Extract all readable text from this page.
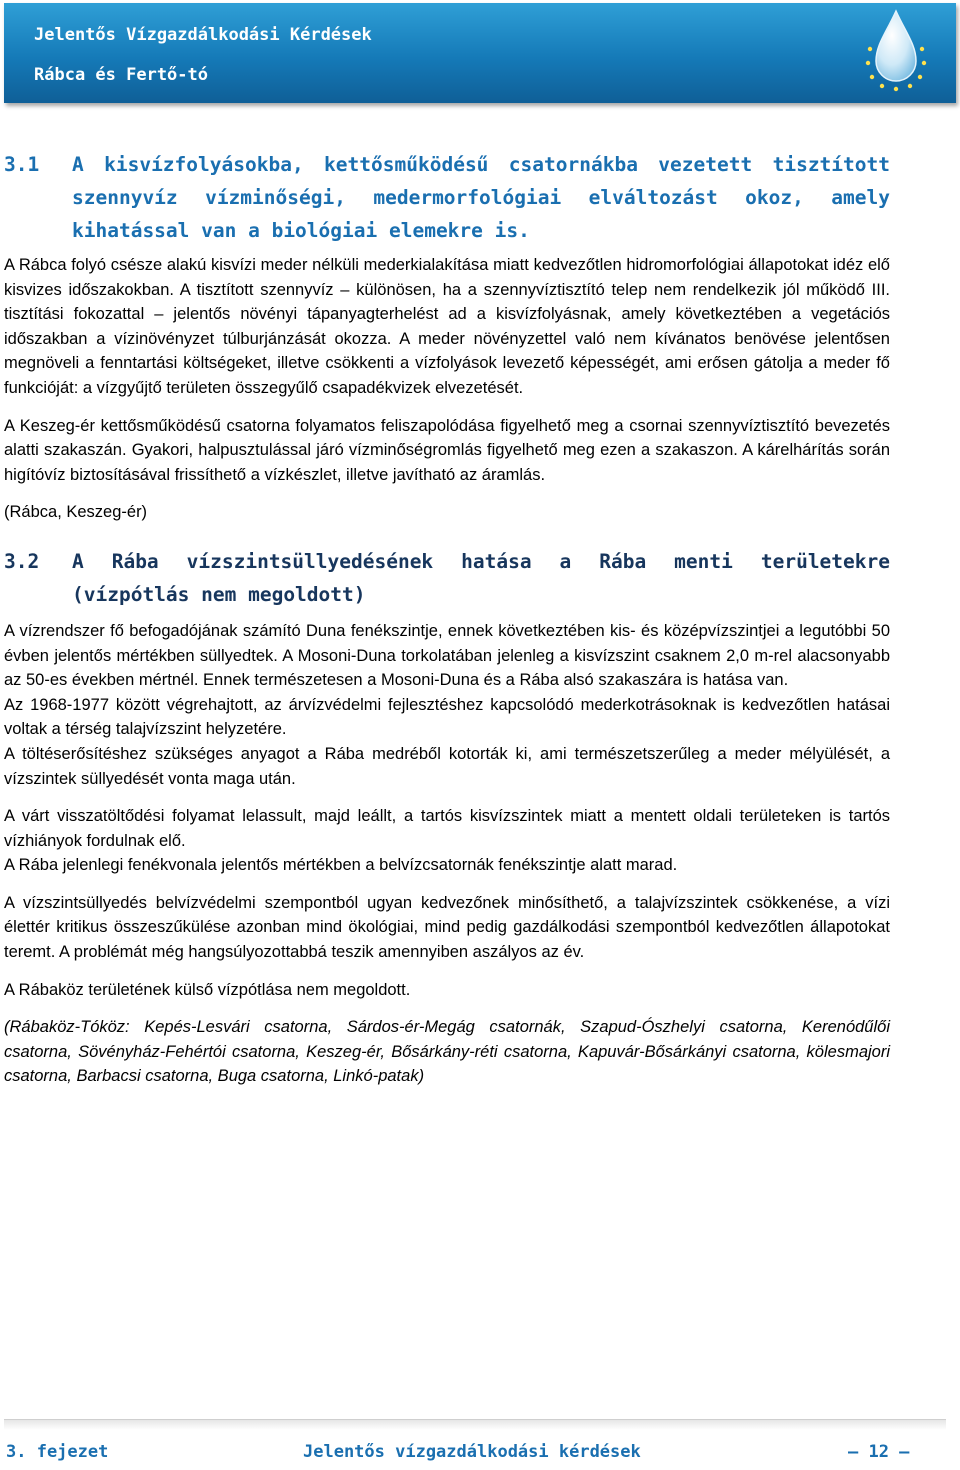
Jelentős Vízgazdálkodási Kérdések
Rábca és Fertő-tó
3.1 A kisvízfolyásokba, kettősműködésű csatornákba vezetett tisztított szennyvíz vízminőségi, medermorfológiai elváltozást okoz, amely kihatással van a biológiai elemekre is.

A Rábca folyó csésze alakú kisvízi meder nélküli mederkialakítása miatt kedvezőtlen hidromorfológiai állapotokat idéz elő kisvizes időszakokban. A tisztított szennyvíz – különösen, ha a szennyvíztisztító telep nem rendelkezik jól működő III. tisztítási fokozattal – jelentős növényi tápanyagterhelést ad a kisvízfolyásnak, amely következtében a vegetációs időszakban a vízinövényzet túlburjánzását okozza. A meder növényzettel való nem kívánatos benövése jelentősen megnöveli a fenntartási költségeket, illetve csökkenti a vízfolyások levezető képességét, ami erősen gátolja a meder fő funkcióját: a vízgyűjtő területen összegyűlő csapadékvizek elvezetését.

A Keszeg-ér kettősműködésű csatorna folyamatos feliszapolódása figyelhető meg a csornai szennyvíztisztító bevezetés alatti szakaszán. Gyakori, halpusztulással járó vízminőségromlás figyelhető meg ezen a szakaszon. A kárelhárítás során higítóvíz biztosításával frissíthető a vízkészlet, illetve javítható az áramlás.

(Rábca, Keszeg-ér)

3.2 A Rába vízszintsüllyedésének hatása a Rába menti területekre (vízpótlás nem megoldott)

A vízrendszer fő befogadójának számító Duna fenékszintje, ennek következtében kis- és középvízszintjei a legutóbbi 50 évben jelentős mértékben süllyedtek. A Mosoni-Duna torkolatában jelenleg a kisvízszint csaknem 2,0 m-rel alacsonyabb az 50-es években mértnél. Ennek természetesen a Mosoni-Duna és a Rába alsó szakaszára is hatása van.

Az 1968-1977 között végrehajtott, az árvízvédelmi fejlesztéshez kapcsolódó mederkotrásoknak is kedvezőtlen hatásai voltak a térség talajvízszint helyzetére.

A töltéserősítéshez szükséges anyagot a Rába medréből kotorták ki, ami természetszerűleg a meder mélyülését, a vízszintek süllyedését vonta maga után.

A várt visszatöltődési folyamat lelassult, majd leállt, a tartós kisvízszintek miatt a mentett oldali területeken is tartós vízhiányok fordulnak elő.

A Rába jelenlegi fenékvonala jelentős mértékben a belvízcsatornák fenékszintje alatt marad.

A vízszintsüllyedés belvízvédelmi szempontból ugyan kedvezőnek minősíthető, a talajvízszintek csökkenése, a vízi élettér kritikus összeszűkülése azonban mind ökológiai, mind pedig gazdálkodási szempontból kedvezőtlen állapotokat teremt. A problémát még hangsúlyozottabbá teszik amennyiben aszályos az év.

A Rábaköz területének külső vízpótlása nem megoldott.

(Rábaköz-Tóköz: Kepés-Lesvári csatorna, Sárdos-ér-Megág csatornák, Szapud-Ószhelyi csatorna, Kerenódűlői csatorna, Sövényház-Fehértói csatorna, Keszeg-ér, Bősárkány-réti csatorna, Kapuvár-Bősárkányi csatorna, kölesmajori csatorna, Barbacsi csatorna, Buga csatorna, Linkó-patak)

3. fejezet	Jelentős vízgazdálkodási kérdések	— 12 —
